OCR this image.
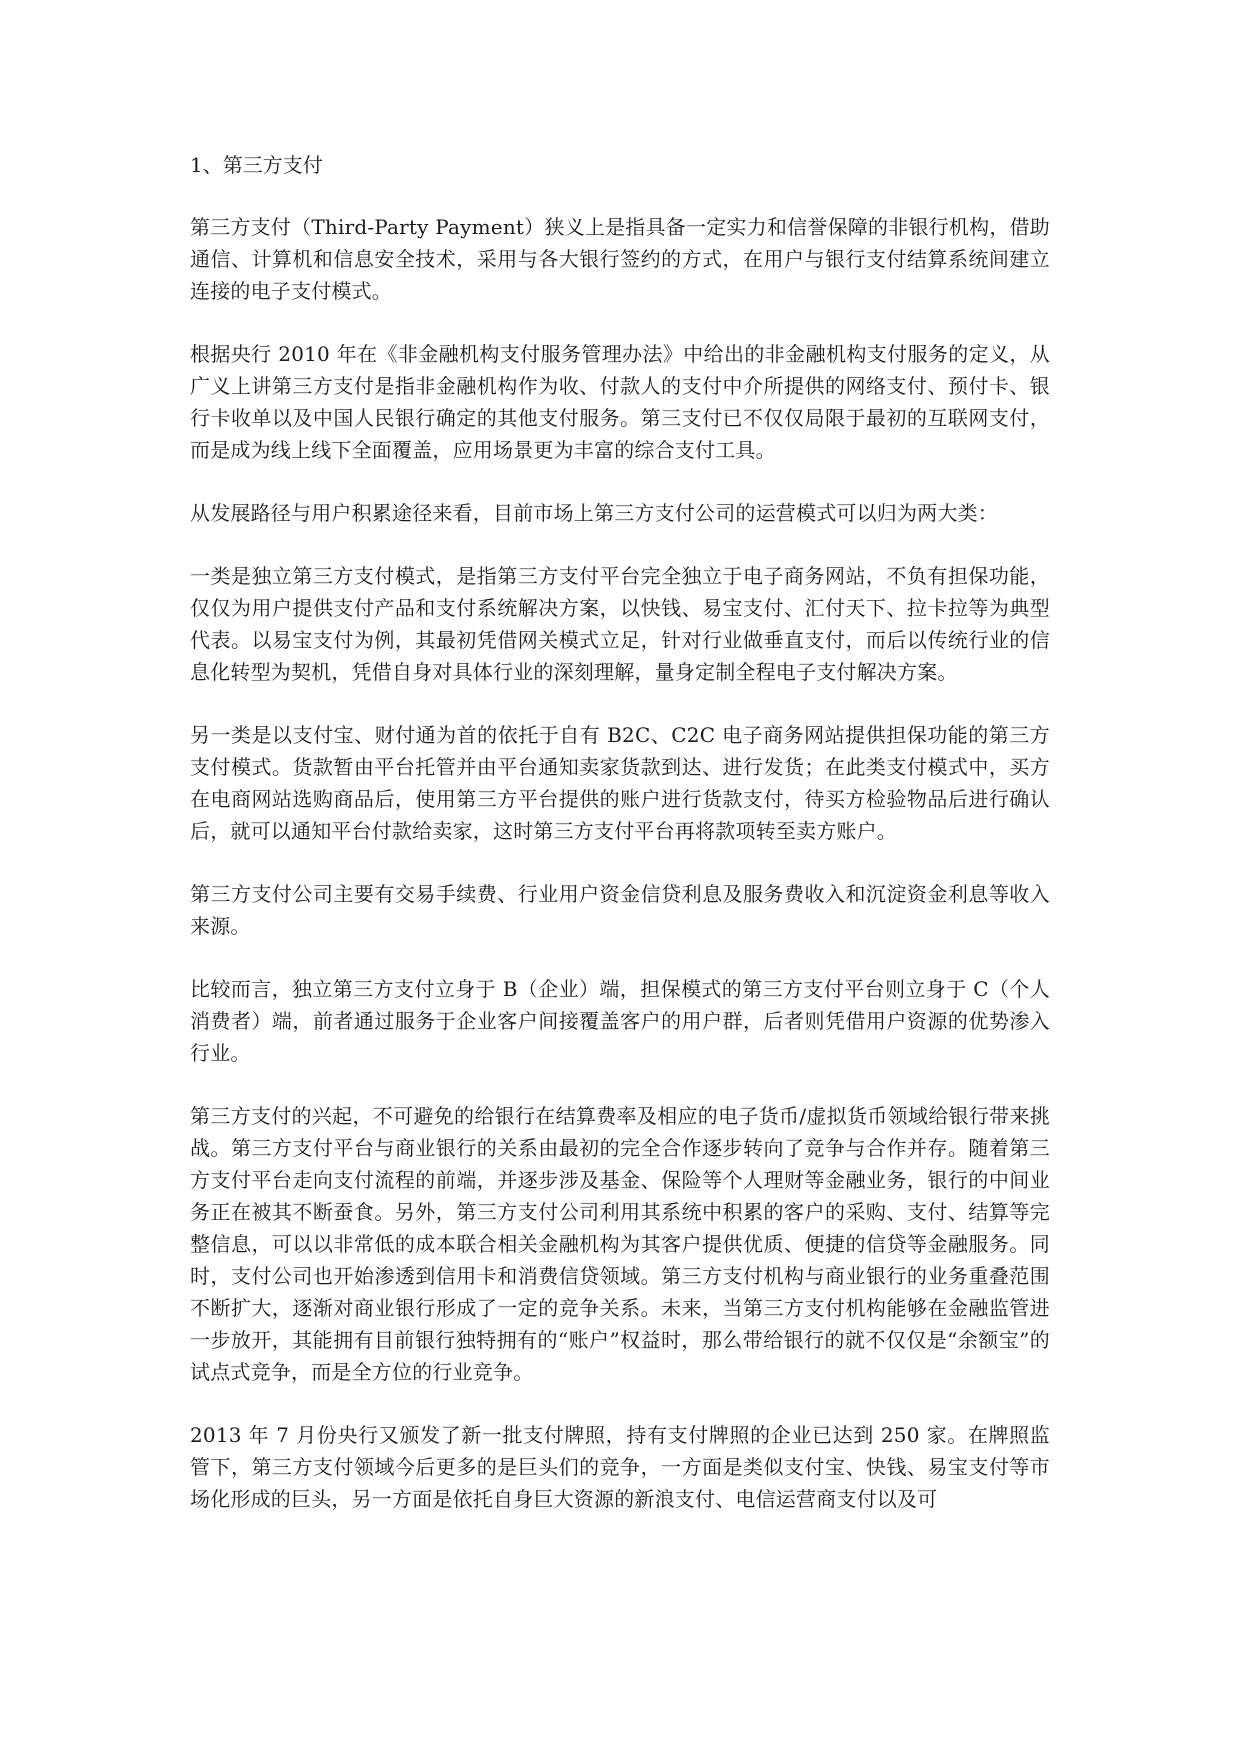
1、第三方支付

第三方支付（Third-Party Payment）狭义上是指具备一定实力和信誉保障的非银行机构，借助通信、计算机和信息安全技术，采用与各大银行签约的方式，在用户与银行支付结算系统间建立连接的电子支付模式。

根据央行 2010 年在《非金融机构支付服务管理办法》中给出的非金融机构支付服务的定义，从广义上讲第三方支付是指非金融机构作为收、付款人的支付中介所提供的网络支付、预付卡、银行卡收单以及中国人民银行确定的其他支付服务。第三支付已不仅仅局限于最初的互联网支付，而是成为线上线下全面覆盖，应用场景更为丰富的综合支付工具。

从发展路径与用户积累途径来看，目前市场上第三方支付公司的运营模式可以归为两大类：

一类是独立第三方支付模式，是指第三方支付平台完全独立于电子商务网站，不负有担保功能，仅仅为用户提供支付产品和支付系统解决方案，以快钱、易宝支付、汇付天下、拉卡拉等为典型代表。以易宝支付为例，其最初凭借网关模式立足，针对行业做垂直支付，而后以传统行业的信息化转型为契机，凭借自身对具体行业的深刻理解，量身定制全程电子支付解决方案。

另一类是以支付宝、财付通为首的依托于自有 B2C、C2C 电子商务网站提供担保功能的第三方支付模式。货款暂由平台托管并由平台通知卖家货款到达、进行发货；在此类支付模式中，买方在电商网站选购商品后，使用第三方平台提供的账户进行货款支付，待买方检验物品后进行确认后，就可以通知平台付款给卖家，这时第三方支付平台再将款项转至卖方账户。

第三方支付公司主要有交易手续费、行业用户资金信贷利息及服务费收入和沉淀资金利息等收入来源。

比较而言，独立第三方支付立身于 B（企业）端，担保模式的第三方支付平台则立身于 C（个人消费者）端，前者通过服务于企业客户间接覆盖客户的用户群，后者则凭借用户资源的优势渗入行业。

第三方支付的兴起，不可避免的给银行在结算费率及相应的电子货币/虚拟货币领域给银行带来挑战。第三方支付平台与商业银行的关系由最初的完全合作逐步转向了竞争与合作并存。随着第三方支付平台走向支付流程的前端，并逐步涉及基金、保险等个人理财等金融业务，银行的中间业务正在被其不断蚕食。另外，第三方支付公司利用其系统中积累的客户的采购、支付、结算等完整信息，可以以非常低的成本联合相关金融机构为其客户提供优质、便捷的信贷等金融服务。同时，支付公司也开始渗透到信用卡和消费信贷领域。第三方支付机构与商业银行的业务重叠范围不断扩大，逐渐对商业银行形成了一定的竞争关系。未来，当第三方支付机构能够在金融监管进一步放开，其能拥有目前银行独特拥有的“账户”权益时，那么带给银行的就不仅仅是“余额宝”的试点式竞争，而是全方位的行业竞争。

2013 年 7 月份央行又颁发了新一批支付牌照，持有支付牌照的企业已达到 250 家。在牌照监管下，第三方支付领域今后更多的是巨头们的竞争，一方面是类似支付宝、快钱、易宝支付等市场化形成的巨头，另一方面是依托自身巨大资源的新浪支付、电信运营商支付以及可
